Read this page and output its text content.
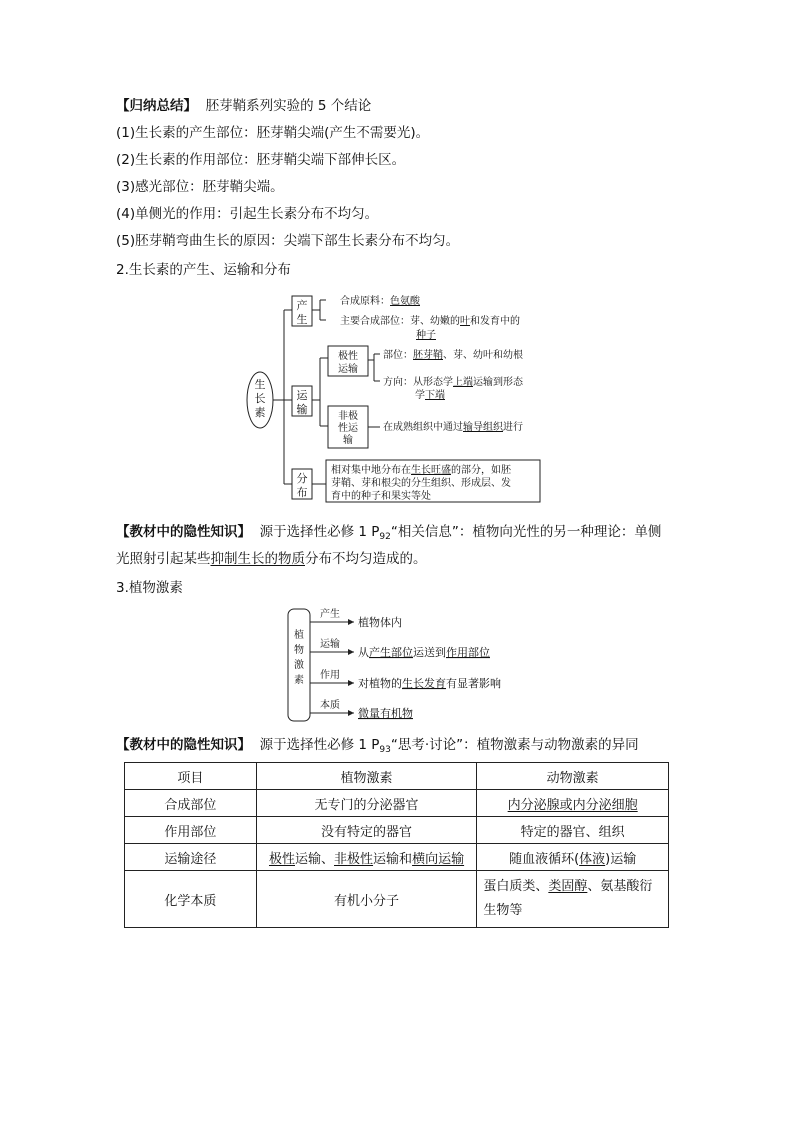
【归纳总结】 胚芽鞘系列实验的 5 个结论
(1)生长素的产生部位：胚芽鞘尖端(产生不需要光)。
(2)生长素的作用部位：胚芽鞘尖端下部伸长区。
(3)感光部位：胚芽鞘尖端。
(4)单侧光的作用：引起生长素分布不均匀。
(5)胚芽鞘弯曲生长的原因：尖端下部生长素分布不均匀。
2.生长素的产生、运输和分布
生
长
素
产
生
运
输
分
布
合成原料：色氨酸
主要合成部位：芽、幼嫩的叶和发育中的
种子
极性
运输
非极
性运
输
部位：胚芽鞘、芽、幼叶和幼根
方向：从形态学上端运输到形态
学下端
在成熟组织中通过输导组织进行
相对集中地分布在生长旺盛的部分，如胚
芽鞘、芽和根尖的分生组织、形成层、发
育中的种子和果实等处
【教材中的隐性知识】 源于选择性必修 1 $P_{92}“$相关信息”：植物向光性的另一种理论：单侧
光照射引起某些抑制生长的物质分布不均匀造成的。
3.植物激素
植
物
激
素
产生
运输
作用
本质
植物体内
从产生部位运送到作用部位
对植物的生长发育有显著影响
微量有机物
【教材中的隐性知识】 源于选择性必修 1 $P_{93}“$思考·讨论”：植物激素与动物激素的异同
项目	植物激素	动物激素
合成部位	无专门的分泌器官	内分泌腺或内分泌细胞
作用部位	没有特定的器官	特定的器官、组织
运输途径	极性运输、非极性运输和横向运输	随血液循环(体液)运输
化学本质	有机小分子	蛋白质类、类固醇、氨基酸衍
生物等
